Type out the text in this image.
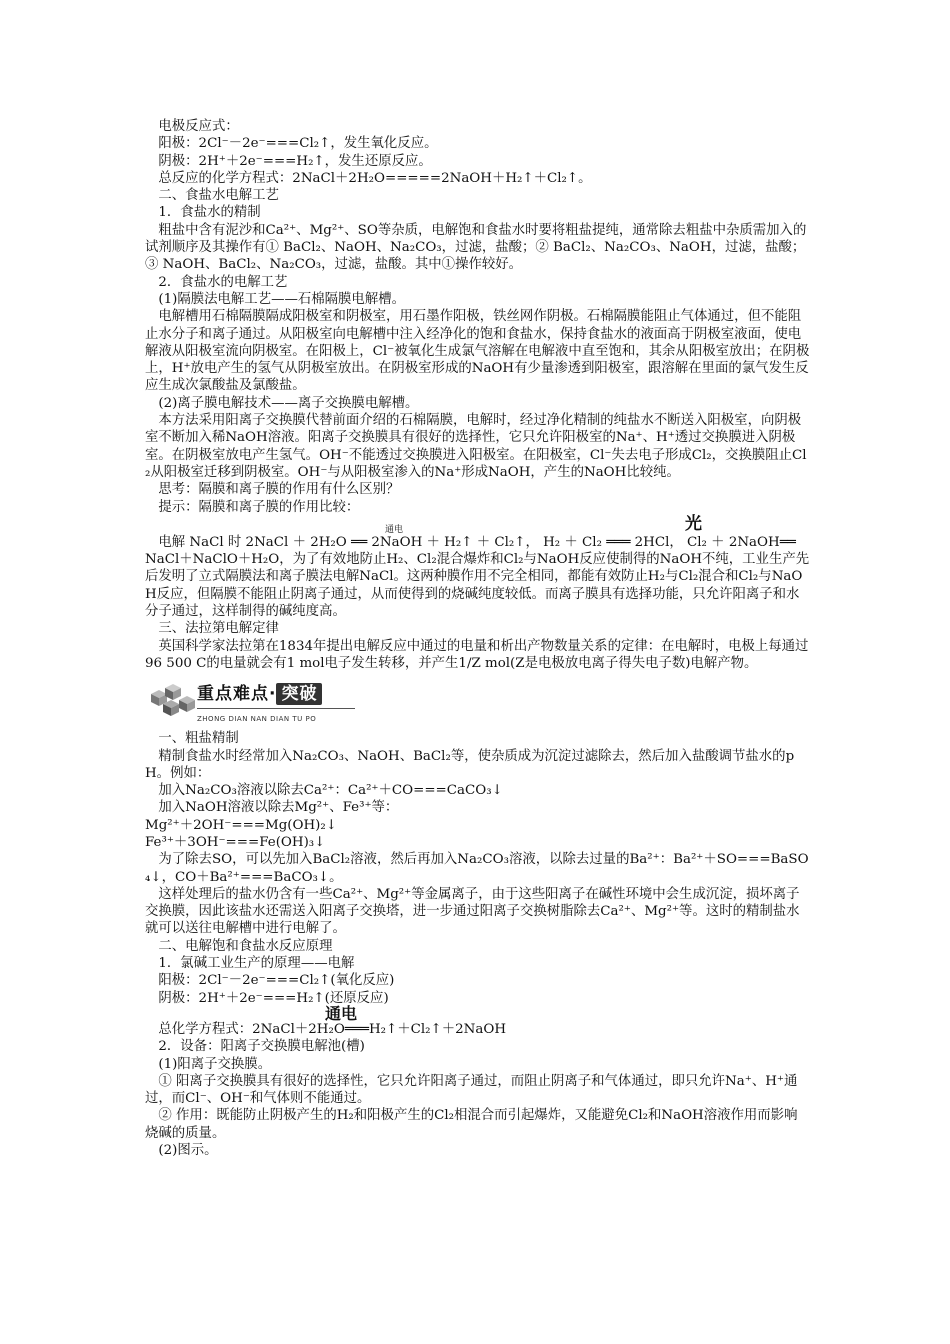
电极反应式：

阳极：2Cl⁻－2e⁻===Cl₂↑，发生氧化反应。

阴极：2H⁺＋2e⁻===H₂↑，发生还原反应。

总反应的化学方程式：2NaCl＋2H₂O=====2NaOH＋H₂↑＋Cl₂↑。

二、食盐水电解工艺

1．食盐水的精制

粗盐中含有泥沙和Ca²⁺、Mg²⁺、SO等杂质，电解饱和食盐水时要将粗盐提纯，通常除去粗盐中杂质需加入的试剂顺序及其操作有① BaCl₂、NaOH、Na₂CO₃，过滤，盐酸；② BaCl₂、Na₂CO₃、NaOH，过滤，盐酸；③ NaOH、BaCl₂、Na₂CO₃，过滤，盐酸。其中①操作较好。

2．食盐水的电解工艺

(1)隔膜法电解工艺——石棉隔膜电解槽。

电解槽用石棉隔膜隔成阳极室和阴极室，用石墨作阳极，铁丝网作阴极。石棉隔膜能阻止气体通过，但不能阻止水分子和离子通过。从阳极室向电解槽中注入经净化的饱和食盐水，保持食盐水的液面高于阴极室液面，使电解液从阳极室流向阴极室。在阳极上，Cl⁻被氧化生成氯气溶解在电解液中直至饱和，其余从阳极室放出；在阴极上，H⁺放电产生的氢气从阴极室放出。在阴极室形成的NaOH有少量渗透到阳极室，跟溶解在里面的氯气发生反应生成次氯酸盐及氯酸盐。

(2)离子膜电解技术——离子交换膜电解槽。

本方法采用阳离子交换膜代替前面介绍的石棉隔膜，电解时，经过净化精制的纯盐水不断送入阳极室，向阴极室不断加入稀NaOH溶液。阳离子交换膜具有很好的选择性，它只允许阳极室的Na⁺、H⁺透过交换膜进入阴极室。在阴极室放电产生氢气。OH⁻不能透过交换膜进入阳极室。在阳极室，Cl⁻失去电子形成Cl₂，交换膜阻止Cl₂从阳极室迁移到阴极室。OH⁻与从阳极室渗入的Na⁺形成NaOH，产生的NaOH比较纯。

思考：隔膜和离子膜的作用有什么区别？

提示：隔膜和离子膜的作用比较：

通电	光

电解 NaCl 时 2NaCl ＋ 2H₂O ══ 2NaOH ＋ H₂↑ ＋ Cl₂↑， H₂ ＋ Cl₂ ═══ 2HCl， Cl₂ ＋ 2NaOH══ NaCl＋NaClO＋H₂O，为了有效地防止H₂、Cl₂混合爆炸和Cl₂与NaOH反应使制得的NaOH不纯，工业生产先后发明了立式隔膜法和离子膜法电解NaCl。这两种膜作用不完全相同，都能有效防止H₂与Cl₂混合和Cl₂与NaOH反应，但隔膜不能阻止阴离子通过，从而使得到的烧碱纯度较低。而离子膜具有选择功能，只允许阳离子和水分子通过，这样制得的碱纯度高。

三、法拉第电解定律

英国科学家法拉第在1834年提出电解反应中通过的电量和析出产物数量关系的定律：在电解时，电极上每通过96 500 C的电量就会有1 mol电子发生转移，并产生1/Z mol(Z是电极放电离子得失电子数)电解产物。

重点难点· 突破
ZHONG DIAN NAN DIAN TU PO

一、粗盐精制

精制食盐水时经常加入Na₂CO₃、NaOH、BaCl₂等，使杂质成为沉淀过滤除去，然后加入盐酸调节盐水的pH。例如：

加入Na₂CO₃溶液以除去Ca²⁺：Ca²⁺＋CO===CaCO₃↓

加入NaOH溶液以除去Mg²⁺、Fe³⁺等：

Mg²⁺＋2OH⁻===Mg(OH)₂↓

Fe³⁺＋3OH⁻===Fe(OH)₃↓

为了除去SO，可以先加入BaCl₂溶液，然后再加入Na₂CO₃溶液，以除去过量的Ba²⁺：Ba²⁺＋SO===BaSO₄↓，CO＋Ba²⁺===BaCO₃↓。

这样处理后的盐水仍含有一些Ca²⁺、Mg²⁺等金属离子，由于这些阳离子在碱性环境中会生成沉淀，损坏离子交换膜，因此该盐水还需送入阳离子交换塔，进一步通过阳离子交换树脂除去Ca²⁺、Mg²⁺等。这时的精制盐水就可以送往电解槽中进行电解了。

二、电解饱和食盐水反应原理

1．氯碱工业生产的原理——电解

阳极：2Cl⁻－2e⁻===Cl₂↑(氧化反应)

阴极：2H⁺＋2e⁻===H₂↑(还原反应)

通电

总化学方程式：2NaCl＋2H₂O═══H₂↑＋Cl₂↑＋2NaOH

2．设备：阳离子交换膜电解池(槽)

(1)阳离子交换膜。

① 阳离子交换膜具有很好的选择性，它只允许阳离子通过，而阻止阴离子和气体通过，即只允许Na⁺、H⁺通过，而Cl⁻、OH⁻和气体则不能通过。

② 作用：既能防止阴极产生的H₂和阳极产生的Cl₂相混合而引起爆炸，又能避免Cl₂和NaOH溶液作用而影响烧碱的质量。

(2)图示。
